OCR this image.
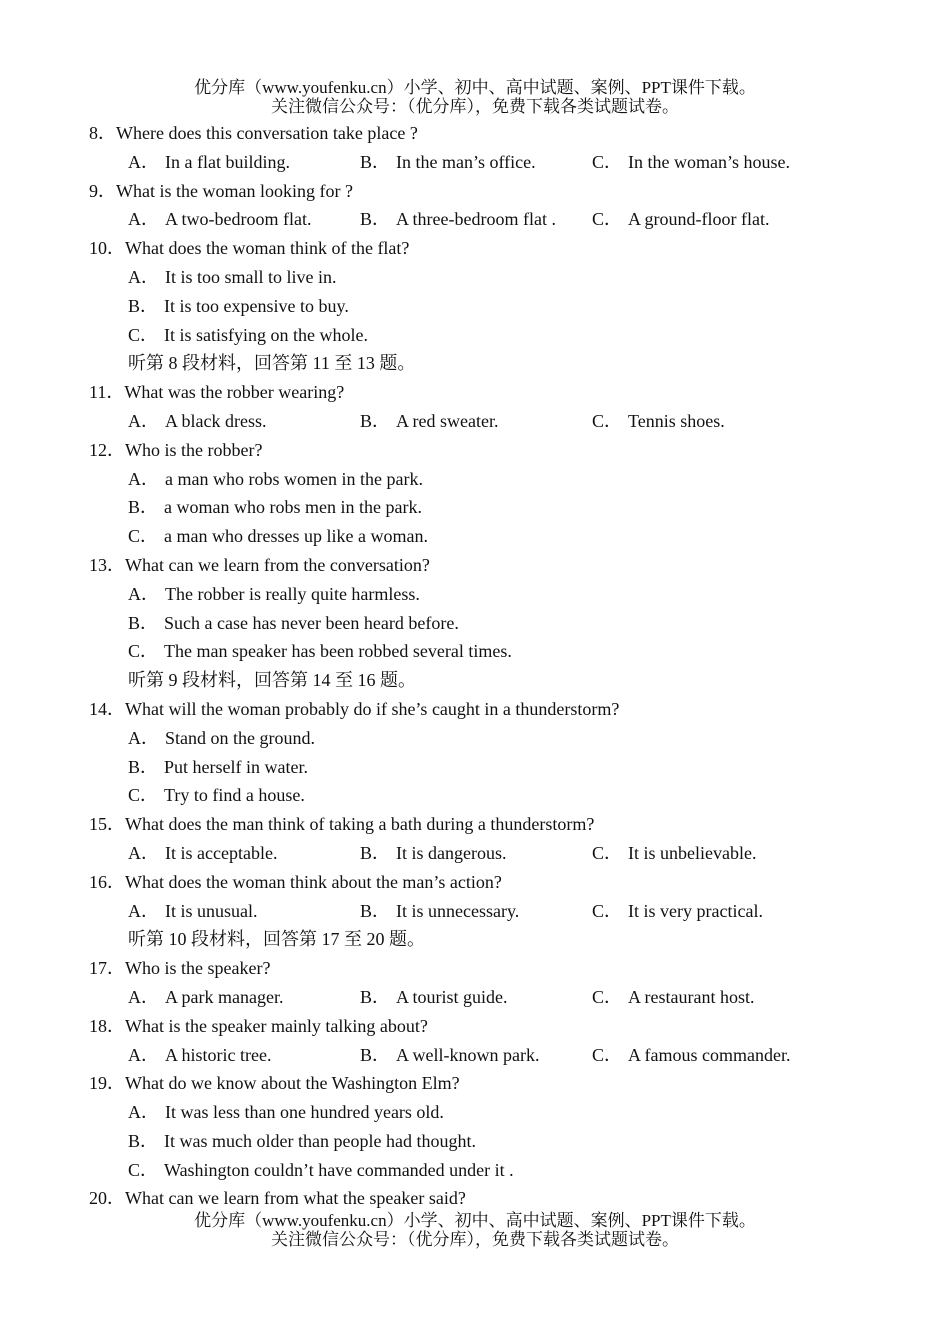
优分库（www.youfenku.cn）小学、初中、高中试题、案例、PPT课件下载。
关注微信公众号：（优分库），免费下载各类试题试卷。
8．Where does this conversation take place ?
A． In a flat building.	B． In the man’s office.	C． In the woman’s house.
9．What is the woman looking for ?
A． A two-bedroom flat.	B． A three-bedroom flat . C． A ground-floor flat.
10．What does the woman think of the flat?
A． It is too small to live in.
B． It is too expensive to buy.
C． It is satisfying on the whole.
听第 8 段材料，回答第 11 至 13 题。
11．What was the robber wearing?
A． A black dress.	B． A red sweater.	C． Tennis shoes.
12．Who is the robber?
A． a man who robs women in the park.
B． a woman who robs men in the park.
C． a man who dresses up like a woman.
13．What can we learn from the conversation?
A． The robber is really quite harmless.
B． Such a case has never been heard before.
C． The man speaker has been robbed several times.
听第 9 段材料，回答第 14 至 16 题。
14．What will the woman probably do if she’s caught in a thunderstorm?
A． Stand on the ground.
B． Put herself in water.
C． Try to find a house.
15．What does the man think of taking a bath during a thunderstorm?
A． It is acceptable.	B． It is dangerous.	C． It is unbelievable.
16．What does the woman think about the man’s action?
A． It is unusual.	B． It is unnecessary.	C． It is very practical.
听第 10 段材料，回答第 17 至 20 题。
17．Who is the speaker?
A． A park manager.	B． A tourist guide.	C． A restaurant host.
18．What is the speaker mainly talking about?
A． A historic tree.	B． A well-known park.	C． A famous commander.
19．What do we know about the Washington Elm?
A． It was less than one hundred years old.
B． It was much older than people had thought.
C． Washington couldn’t have commanded under it .
20．What can we learn from what the speaker said?
优分库（www.youfenku.cn）小学、初中、高中试题、案例、PPT课件下载。
关注微信公众号：（优分库），免费下载各类试题试卷。
